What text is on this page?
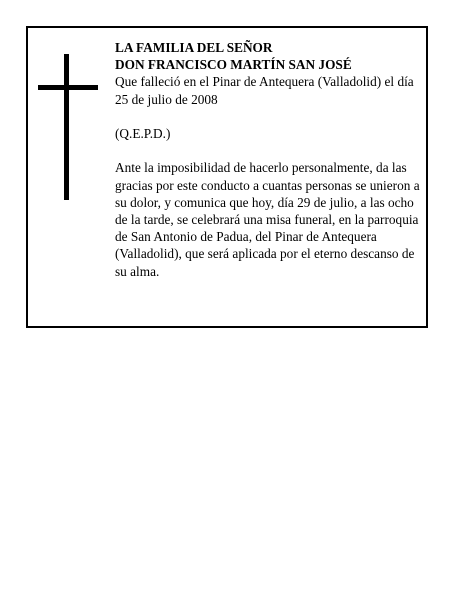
LA FAMILIA DEL SEÑOR
DON FRANCISCO MARTÍN SAN JOSÉ

Que falleció en el Pinar de Antequera (Valladolid) el día 25 de julio de 2008

(Q.E.P.D.)

Ante la imposibilidad de hacerlo personalmente, da las gracias por este conducto a cuantas personas se unieron a su dolor, y comunica que hoy, día 29 de julio, a las ocho de la tarde, se celebrará una misa funeral, en la parroquia de San Antonio de Padua, del Pinar de Antequera (Valladolid), que será aplicada por el eterno descanso de su alma.
